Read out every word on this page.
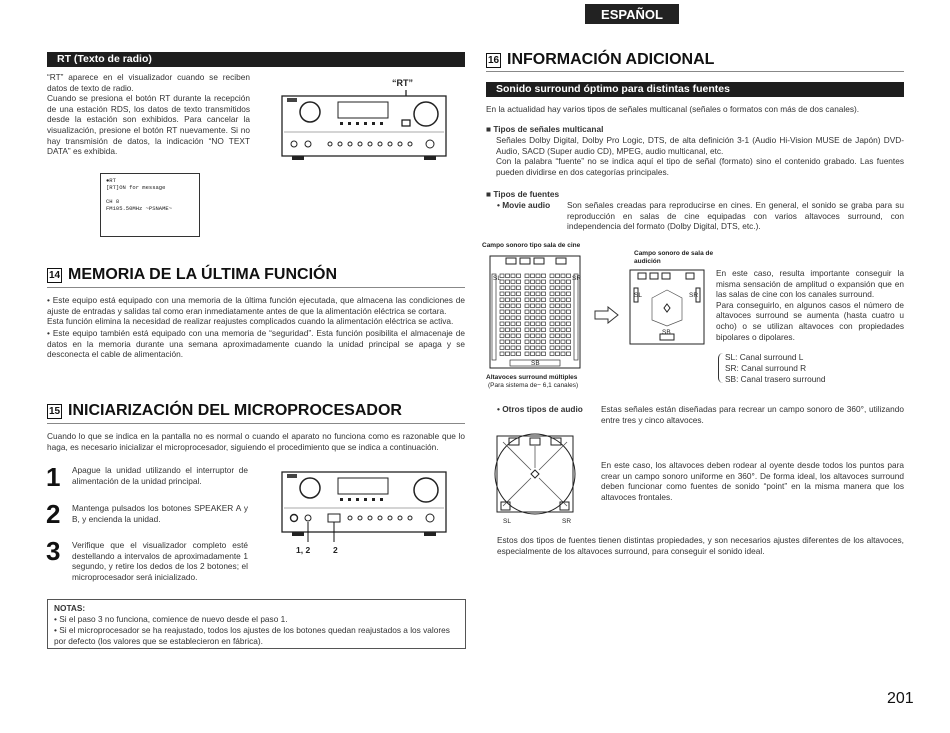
ESPAÑOL
RT (Texto de radio)
“RT” aparece en el visualizador cuando se reciben datos de texto de radio.
Cuando se presiona el botón RT durante la recepción de una estación RDS, los datos de texto transmitidos desde la estación son exhibidos. Para cancelar la visualización, presione el botón RT nuevamente. Si no hay transmisión de datos, la indicación “NO TEXT DATA” es exhibida.
“RT”
●RT
[RT]ON for message
CH 8
FM105.50MHz ~PSNAME~
14 MEMORIA DE LA ÚLTIMA FUNCIÓN
• Este equipo está equipado con una memoria de la última función ejecutada, que almacena las condiciones de ajuste de entradas y salidas tal como eran inmediatamente antes de que la alimentación eléctrica se cortara.
Esta función elimina la necesidad de realizar reajustes complicados cuando la alimentación eléctrica se activa.
• Este equipo también está equipado con una memoria de “seguridad”. Esta función posibilita el almacenaje de datos en la memoria durante una semana aproximadamente cuando la unidad principal se apaga y se desconecta el cable de alimentación.
15 INICIARIZACIÓN DEL MICROPROCESADOR
Cuando lo que se indica en la pantalla no es normal o cuando el aparato no funciona como es razonable que lo haga, es necesario inicializar el microprocesador, siguiendo el procedimiento que se indica a continuación.
1 Apague la unidad utilizando el interruptor de alimentación de la unidad principal.
2 Mantenga pulsados los botones SPEAKER A y B, y encienda la unidad.
3 Verifique que el visualizador completo esté destellando a intervalos de aproximadamente 1 segundo, y retire los dedos de los 2 botones; el microprocesador será inicializado.
1, 2	2
NOTAS:
• Si el paso 3 no funciona, comience de nuevo desde el paso 1.
• Si el microprocesador se ha reajustado, todos los ajustes de los botones quedan reajustados a los valores por defecto (los valores que se establecieron en fábrica).
16 INFORMACIÓN ADICIONAL
Sonido surround óptimo para distintas fuentes
En la actualidad hay varios tipos de señales multicanal (señales o formatos con más de dos canales).
■ Tipos de señales multicanal
Señales Dolby Digital, Dolby Pro Logic, DTS, de alta definición 3-1 (Audio Hi-Vision MUSE de Japón) DVD-Audio, SACD (Super audio CD), MPEG, audio multicanal, etc.
Con la palabra “fuente” no se indica aquí el tipo de señal (formato) sino el contenido grabado. Las fuentes pueden dividirse en dos categorías principales.
■ Tipos de fuentes
• Movie audio Son señales creadas para reproducirse en cines. En general, el sonido se graba para su reproducción en salas de cine equipadas con varios altavoces surround, con independencia del formato (Dolby Digital, DTS, etc.).
Campo sonoro tipo sala de cine
SL	SR
SB
Altavoces surround múltiples
(Para sistema de− 6,1 canales)
Campo sonoro de sala de audición
SL	SR
SB
En este caso, resulta importante conseguir la misma sensación de amplitud o expansión que en las salas de cine con los canales surround.
Para conseguirlo, en algunos casos el número de altavoces surround se aumenta (hasta cuatro u ocho) o se utilizan altavoces con propiedades bipolares o dipolares.
SL: Canal surround L
SR: Canal surround R
SB: Canal trasero surround
• Otros tipos de audio Estas señales están diseñadas para recrear un campo sonoro de 360°, utilizando entre tres y cinco altavoces.
SL	SR
En este caso, los altavoces deben rodear al oyente desde todos los puntos para crear un campo sonoro uniforme en 360°. De forma ideal, los altavoces surround deben funcionar como fuentes de sonido “point” en la misma manera que los altavoces frontales.
Estos dos tipos de fuentes tienen distintas propiedades, y son necesarios ajustes diferentes de los altavoces, especialmente de los altavoces surround, para conseguir el sonido ideal.
201
